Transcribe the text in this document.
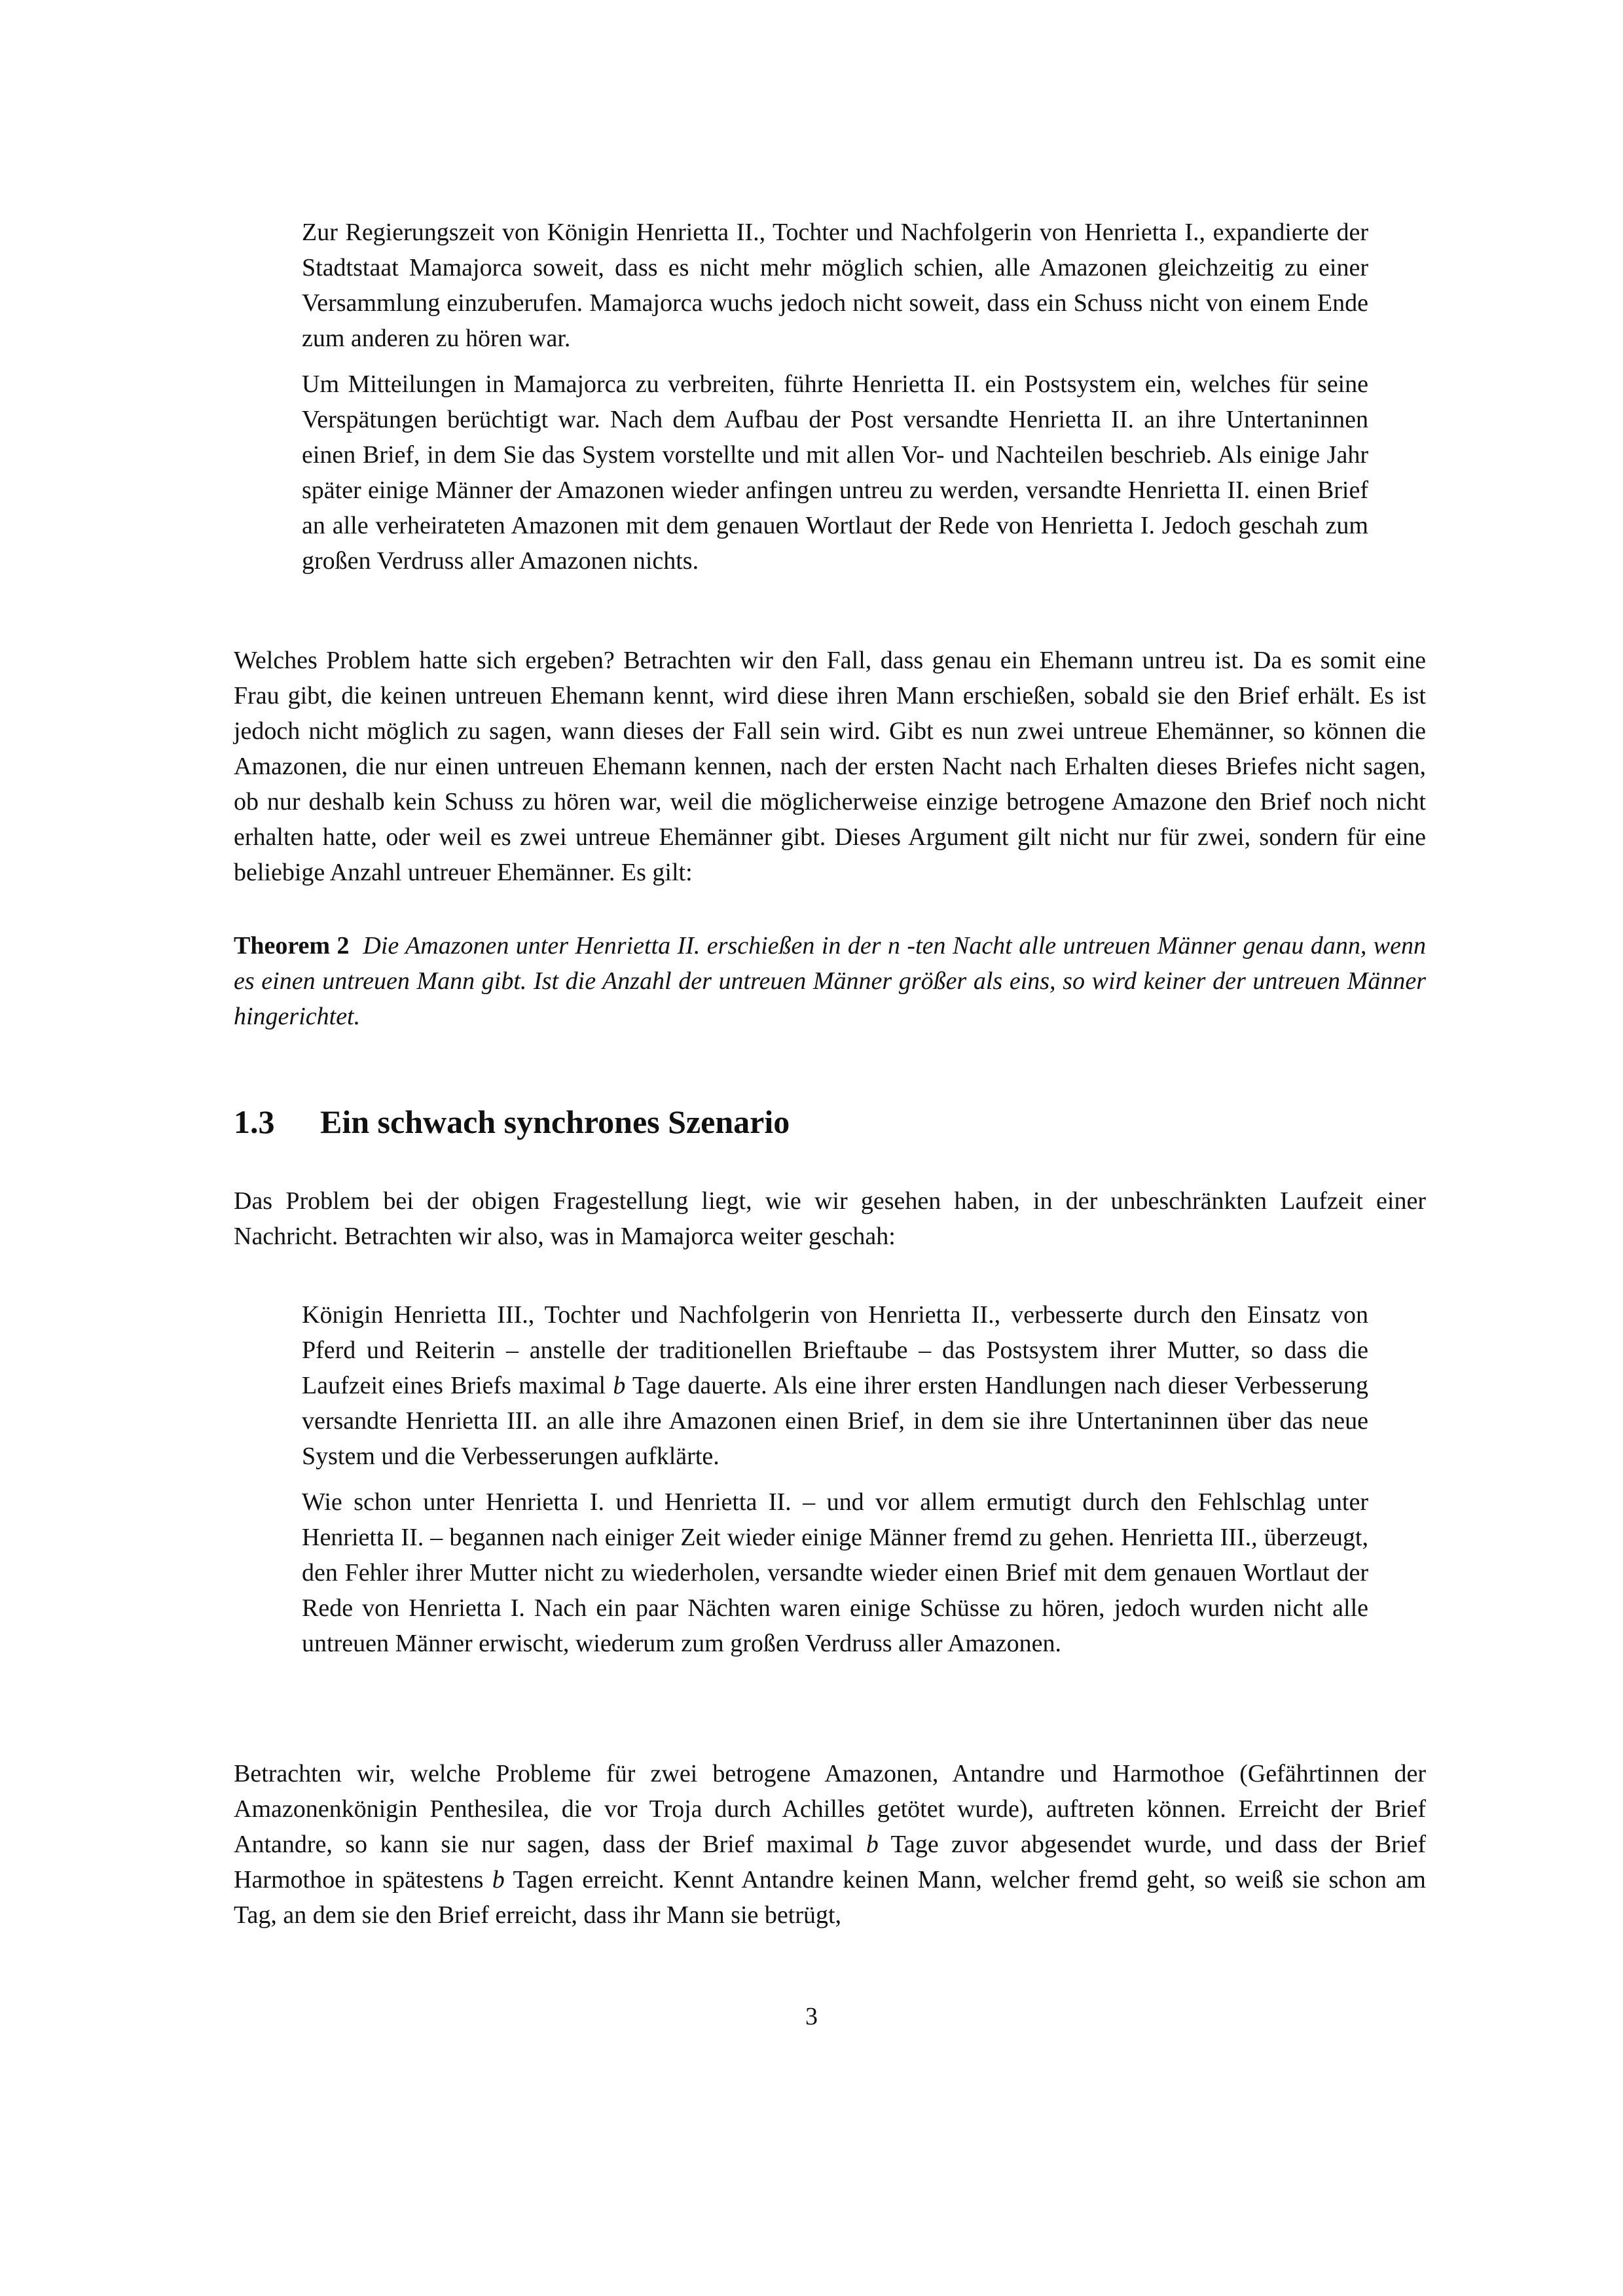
Zur Regierungszeit von Königin Henrietta II., Tochter und Nachfolgerin von Henrietta I., expandierte der Stadtstaat Mamajorca soweit, dass es nicht mehr möglich schien, alle Amazonen gleichzeitig zu einer Versammlung einzuberufen. Mamajorca wuchs jedoch nicht soweit, dass ein Schuss nicht von einem Ende zum anderen zu hören war.

Um Mitteilungen in Mamajorca zu verbreiten, führte Henrietta II. ein Postsystem ein, welches für seine Verspätungen berüchtigt war. Nach dem Aufbau der Post versandte Henrietta II. an ihre Untertaninnen einen Brief, in dem Sie das System vorstellte und mit allen Vor- und Nachteilen beschrieb. Als einige Jahr später einige Männer der Amazonen wieder anfingen untreu zu werden, versandte Henrietta II. einen Brief an alle verheirateten Amazonen mit dem genauen Wortlaut der Rede von Henrietta I. Jedoch geschah zum großen Verdruss aller Amazonen nichts.

Welches Problem hatte sich ergeben? Betrachten wir den Fall, dass genau ein Ehemann untreu ist. Da es somit eine Frau gibt, die keinen untreuen Ehemann kennt, wird diese ihren Mann erschießen, sobald sie den Brief erhält. Es ist jedoch nicht möglich zu sagen, wann dieses der Fall sein wird. Gibt es nun zwei untreue Ehemänner, so können die Amazonen, die nur einen untreuen Ehemann kennen, nach der ersten Nacht nach Erhalten dieses Briefes nicht sagen, ob nur deshalb kein Schuss zu hören war, weil die möglicherweise einzige betrogene Amazone den Brief noch nicht erhalten hatte, oder weil es zwei untreue Ehemänner gibt. Dieses Argument gilt nicht nur für zwei, sondern für eine beliebige Anzahl untreuer Ehemänner. Es gilt:

Theorem 2 Die Amazonen unter Henrietta II. erschießen in der n -ten Nacht alle untreuen Männer genau dann, wenn es einen untreuen Mann gibt. Ist die Anzahl der untreuen Männer größer als eins, so wird keiner der untreuen Männer hingerichtet.

1.3 Ein schwach synchrones Szenario

Das Problem bei der obigen Fragestellung liegt, wie wir gesehen haben, in der unbeschränkten Laufzeit einer Nachricht. Betrachten wir also, was in Mamajorca weiter geschah:

Königin Henrietta III., Tochter und Nachfolgerin von Henrietta II., verbesserte durch den Einsatz von Pferd und Reiterin – anstelle der traditionellen Brieftaube – das Postsystem ihrer Mutter, so dass die Laufzeit eines Briefs maximal b Tage dauerte. Als eine ihrer ersten Handlungen nach dieser Verbesserung versandte Henrietta III. an alle ihre Amazonen einen Brief, in dem sie ihre Untertaninnen über das neue System und die Verbesserungen aufklärte.

Wie schon unter Henrietta I. und Henrietta II. – und vor allem ermutigt durch den Fehlschlag unter Henrietta II. – begannen nach einiger Zeit wieder einige Männer fremd zu gehen. Henrietta III., überzeugt, den Fehler ihrer Mutter nicht zu wiederholen, versandte wieder einen Brief mit dem genauen Wortlaut der Rede von Henrietta I. Nach ein paar Nächten waren einige Schüsse zu hören, jedoch wurden nicht alle untreuen Männer erwischt, wiederum zum großen Verdruss aller Amazonen.

Betrachten wir, welche Probleme für zwei betrogene Amazonen, Antandre und Harmothoe (Gefährtinnen der Amazonenkönigin Penthesilea, die vor Troja durch Achilles getötet wurde), auftreten können. Erreicht der Brief Antandre, so kann sie nur sagen, dass der Brief maximal b Tage zuvor abgesendet wurde, und dass der Brief Harmothoe in spätestens b Tagen erreicht. Kennt Antandre keinen Mann, welcher fremd geht, so weiß sie schon am Tag, an dem sie den Brief erreicht, dass ihr Mann sie betrügt,

3
